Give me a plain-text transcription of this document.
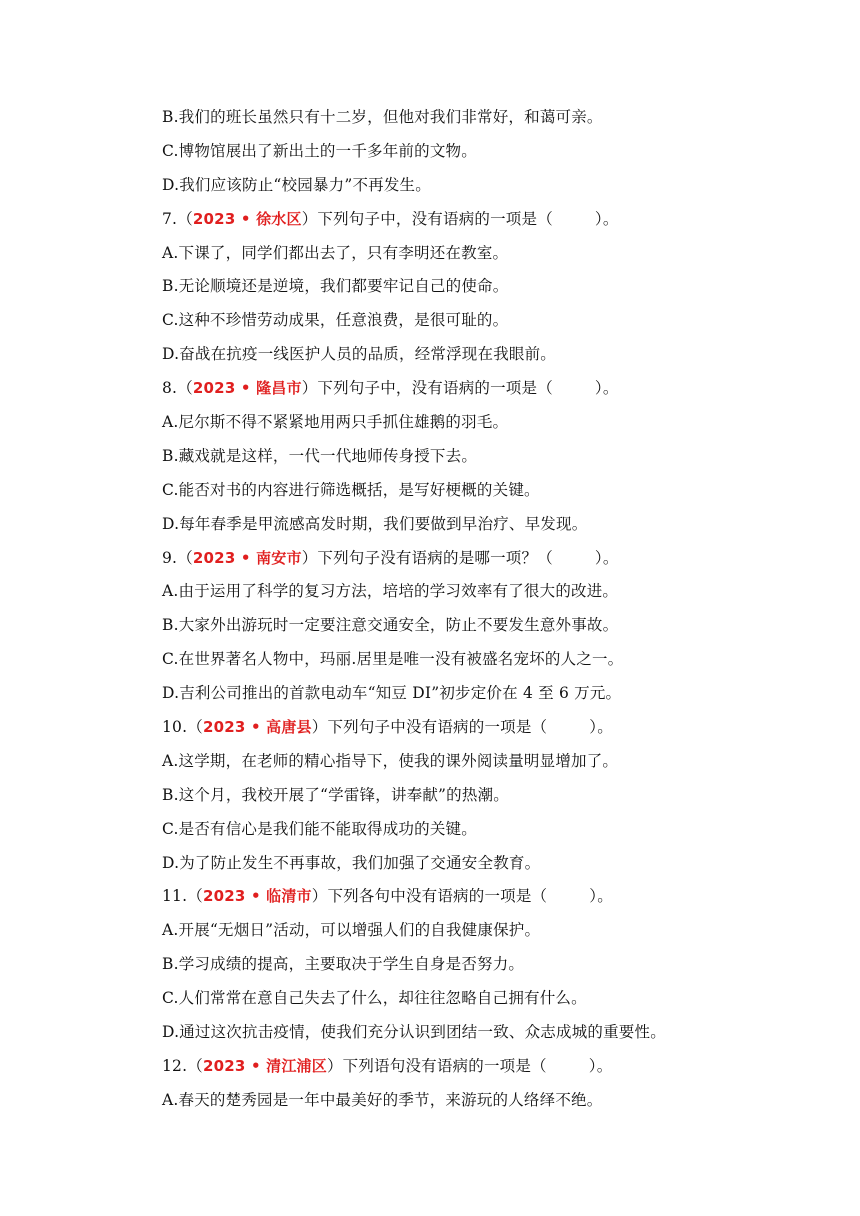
B.我们的班长虽然只有十二岁，但他对我们非常好，和蔼可亲。
C.博物馆展出了新出土的一千多年前的文物。
D.我们应该防止“校园暴力”不再发生。
7.（2023 • 徐水区）下列句子中，没有语病的一项是（	）。
A.下课了，同学们都出去了，只有李明还在教室。
B.无论顺境还是逆境，我们都要牢记自己的使命。
C.这种不珍惜劳动成果，任意浪费，是很可耻的。
D.奋战在抗疫一线医护人员的品质，经常浮现在我眼前。
8.（2023 • 隆昌市）下列句子中，没有语病的一项是（	）。
A.尼尔斯不得不紧紧地用两只手抓住雄鹅的羽毛。
B.藏戏就是这样，一代一代地师传身授下去。
C.能否对书的内容进行筛选概括，是写好梗概的关键。
D.每年春季是甲流感高发时期，我们要做到早治疗、早发现。
9.（2023 • 南安市）下列句子没有语病的是哪一项？（	）。
A.由于运用了科学的复习方法，培培的学习效率有了很大的改进。
B.大家外出游玩时一定要注意交通安全，防止不要发生意外事故。
C.在世界著名人物中，玛丽.居里是唯一没有被盛名宠坏的人之一。
D.吉利公司推出的首款电动车“知豆 DI”初步定价在 4 至 6 万元。
10.（2023 • 高唐县）下列句子中没有语病的一项是（	）。
A.这学期，在老师的精心指导下，使我的课外阅读量明显增加了。
B.这个月，我校开展了“学雷锋，讲奉献”的热潮。
C.是否有信心是我们能不能取得成功的关键。
D.为了防止发生不再事故，我们加强了交通安全教育。
11.（2023 • 临清市）下列各句中没有语病的一项是（	）。
A.开展“无烟日”活动，可以增强人们的自我健康保护。
B.学习成绩的提高，主要取决于学生自身是否努力。
C.人们常常在意自己失去了什么，却往往忽略自己拥有什么。
D.通过这次抗击疫情，使我们充分认识到团结一致、众志成城的重要性。
12.（2023 • 清江浦区）下列语句没有语病的一项是（	）。
A.春天的楚秀园是一年中最美好的季节，来游玩的人络绎不绝。
